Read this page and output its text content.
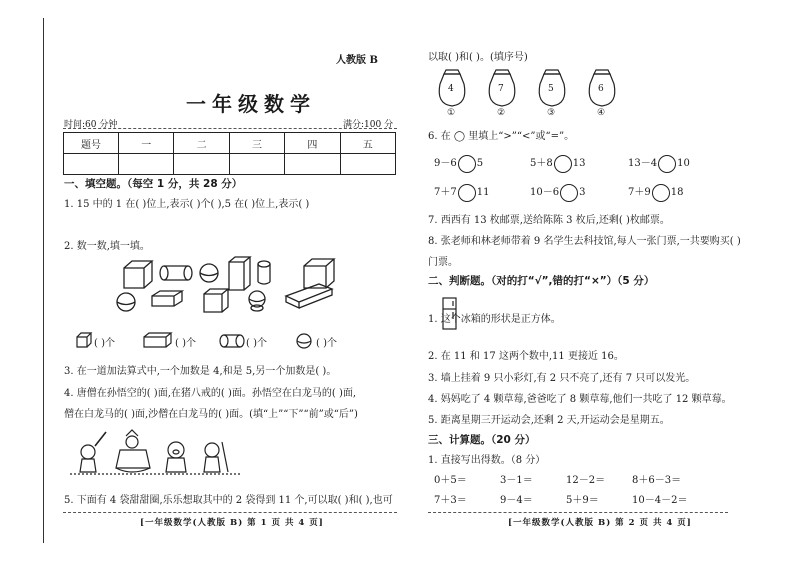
人教版 B
一年级数学
时间:60 分钟	满分:100 分
题号	一	二	三	四	五

一、填空题。（每空 1 分，共 28 分）
1. 15 中的 1 在( )位上,表示( )个( ),5 在( )位上,表示( )
2. 数一数,填一填。
( )个	( )个	( )个	( )个
3. 在一道加法算式中,一个加数是 4,和是 5,另一个加数是( )。
4. 唐僧在孙悟空的( )面,在猪八戒的( )面。孙悟空在白龙马的( )面,
僧在白龙马的( )面,沙僧在白龙马的( )面。(填“上”“下”“前”或“后”)
5. 下面有 4 袋甜甜圈,乐乐想取其中的 2 袋得到 11 个,可以取( )和( ),也可
[一年级数学(人教版 B) 第 1 页 共 4 页]
以取( )和( )。(填序号)
4	7	5	6
①	②	③	④
6. 在 ◯ 里填上“>”“<”或“=”。
9－6 5	5＋8 13	13－4 10
7＋7 11	10－6 3	7＋9 18
7. 西西有 13 枚邮票,送给陈陈 3 枚后,还剩( )枚邮票。
8. 张老师和林老师带着 9 名学生去科技馆,每人一张门票,一共要购买( )
门票。
二、判断题。（对的打“√”,错的打“×”）（5 分）
1. 这个冰箱的形状是正方体。
2. 在 11 和 17 这两个数中,11 更接近 16。
3. 墙上挂着 9 只小彩灯,有 2 只不亮了,还有 7 只可以发光。
4. 妈妈吃了 4 颗草莓,爸爸吃了 8 颗草莓,他们一共吃了 12 颗草莓。
5. 距离星期三开运动会,还剩 2 天,开运动会是星期五。
三、计算题。（20 分）
1. 直接写出得数。（8 分）
0＋5＝	3－1＝	12－2＝	8＋6－3＝
7＋3＝	9－4＝	5＋9＝	10－4－2＝
[一年级数学(人教版 B) 第 2 页 共 4 页]
